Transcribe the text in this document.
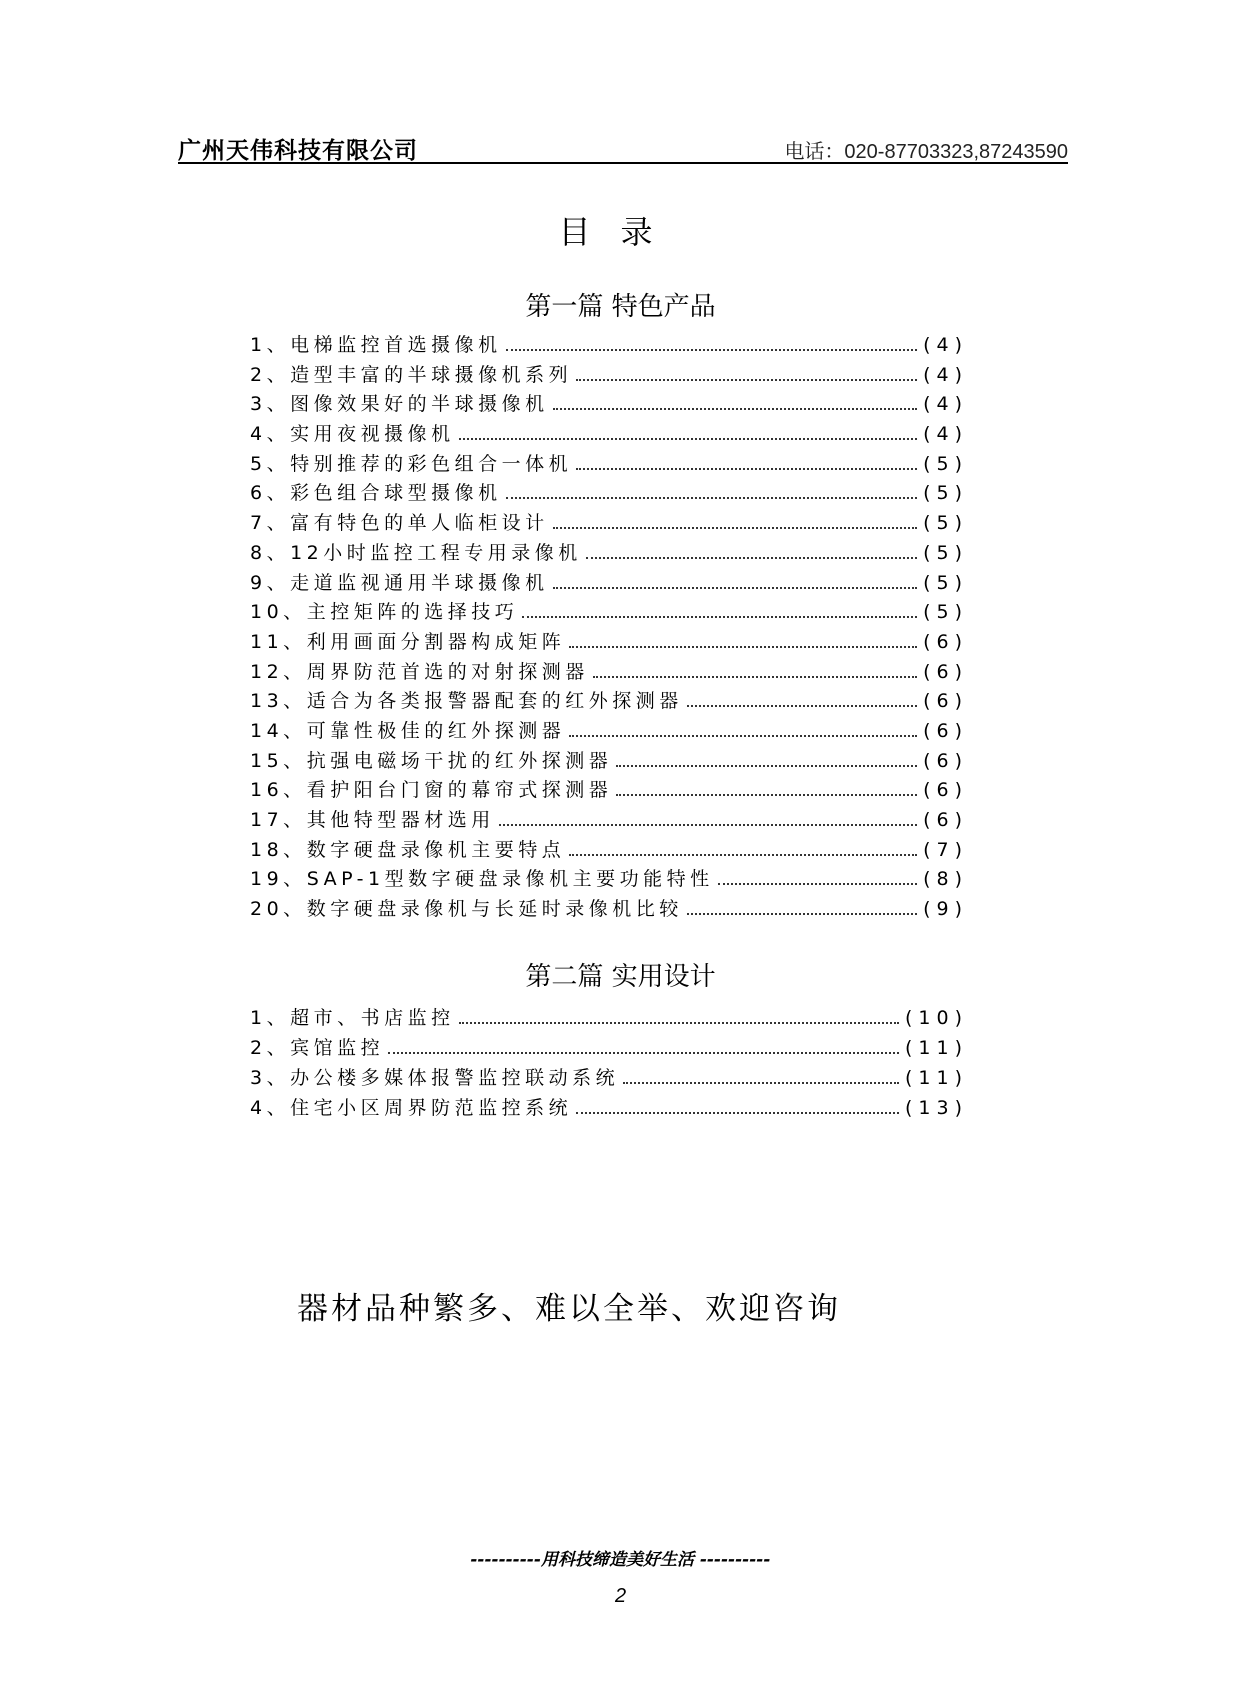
广州天伟科技有限公司	电话：020-87703323,87243590
目录
第一篇 特色产品
1、 电梯监控首选摄像机	(4)
2、 造型丰富的半球摄像机系列	(4)
3、 图像效果好的半球摄像机	(4)
4、 实用夜视摄像机	(4)
5、 特别推荐的彩色组合一体机	(5)
6、 彩色组合球型摄像机	(5)
7、 富有特色的单人临柜设计	(5)
8、 12小时监控工程专用录像机	(5)
9、 走道监视通用半球摄像机	(5)
10、 主控矩阵的选择技巧	(5)
11、 利用画面分割器构成矩阵	(6)
12、 周界防范首选的对射探测器	(6)
13、 适合为各类报警器配套的红外探测器	(6)
14、 可靠性极佳的红外探测器	(6)
15、 抗强电磁场干扰的红外探测器	(6)
16、 看护阳台门窗的幕帘式探测器	(6)
17、 其他特型器材选用	(6)
18、 数字硬盘录像机主要特点	(7)
19、 SAP-1型数字硬盘录像机主要功能特性	(8)
20、 数字硬盘录像机与长延时录像机比较	(9)
第二篇 实用设计
1、 超市、书店监控	(10)
2、 宾馆监控	(11)
3、 办公楼多媒体报警监控联动系统	(11)
4、 住宅小区周界防范监控系统	(13)
器材品种繁多、难以全举、欢迎咨询
----------用科技缔造美好生活 ----------
2
